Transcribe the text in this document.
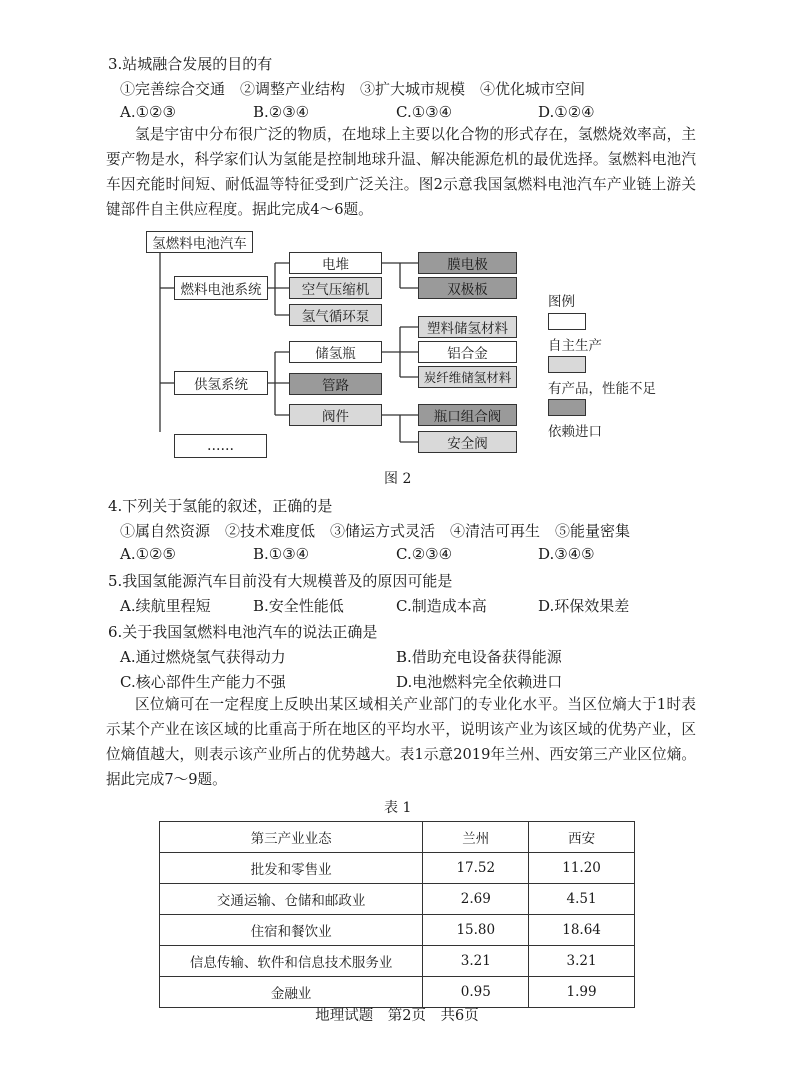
3.站城融合发展的目的有
①完善综合交通　②调整产业结构　③扩大城市规模　④优化城市空间
A.①②③	B.②③④	C.①③④	D.①②④
氢是宇宙中分布很广泛的物质，在地球上主要以化合物的形式存在，氢燃烧效率高，主要产物是水，科学家们认为氢能是控制地球升温、解决能源危机的最优选择。氢燃料电池汽车因充能时间短、耐低温等特征受到广泛关注。图2示意我国氢燃料电池汽车产业链上游关键部件自主供应程度。据此完成4～6题。
氢燃料电池汽车
燃料电池系统
电堆
空气压缩机
氢气循环泵
膜电极
双极板
供氢系统
储氢瓶
管路
阀件
塑料储氢材料
铝合金
炭纤维储氢材料
瓶口组合阀
安全阀
……
图例
自主生产
有产品，性能不足
依赖进口
图 2
4.下列关于氢能的叙述，正确的是
①属自然资源　②技术难度低　③储运方式灵活　④清洁可再生　⑤能量密集
A.①②⑤	B.①③④	C.②③④	D.③④⑤
5.我国氢能源汽车目前没有大规模普及的原因可能是
A.续航里程短	B.安全性能低	C.制造成本高	D.环保效果差
6.关于我国氢燃料电池汽车的说法正确是
A.通过燃烧氢气获得动力	B.借助充电设备获得能源
C.核心部件生产能力不强	D.电池燃料完全依赖进口
区位熵可在一定程度上反映出某区域相关产业部门的专业化水平。当区位熵大于1时表示某个产业在该区域的比重高于所在地区的平均水平，说明该产业为该区域的优势产业，区位熵值越大，则表示该产业所占的优势越大。表1示意2019年兰州、西安第三产业区位熵。据此完成7～9题。
表 1
第三产业业态	兰州	西安
批发和零售业	17.52	11.20
交通运输、仓储和邮政业	2.69	4.51
住宿和餐饮业	15.80	18.64
信息传输、软件和信息技术服务业	3.21	3.21
金融业	0.95	1.99
地理试题　第2页　共6页
